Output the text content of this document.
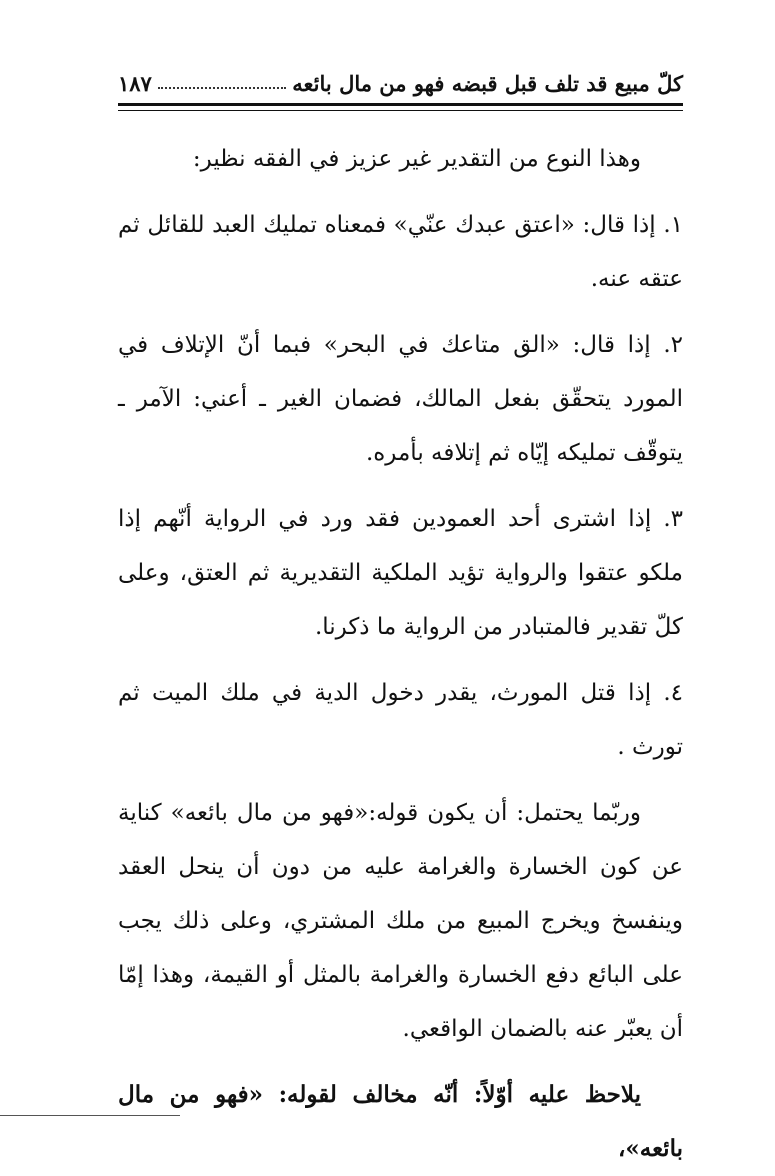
كلّ مبيع قد تلف قبل قبضه فهو من مال بائعه
١٨٧

وهذا النوع من التقدير غير عزيز في الفقه نظير:

١. إذا قال: «اعتق عبدك عنّي» فمعناه تمليك العبد للقائل ثم عتقه عنه.

٢. إذا قال: «الق متاعك في البحر» فبما أنّ الإتلاف في المورد يتحقّق بفعل المالك، فضمان الغير ـ أعني: الآمر ـ يتوقّف تمليكه إيّاه ثم إتلافه بأمره.

٣. إذا اشترى أحد العمودين فقد ورد في الرواية أنّهم إذا ملكو عتقوا والرواية تؤيد الملكية التقديرية ثم العتق، وعلى كلّ تقدير فالمتبادر من الرواية ما ذكرنا.

٤. إذا قتل المورث، يقدر دخول الدية في ملك الميت ثم تورث .

وربّما يحتمل: أن يكون قوله:«فهو من مال بائعه» كناية عن كون الخسارة والغرامة عليه من دون أن ينحل العقد وينفسخ ويخرج المبيع من ملك المشتري، وعلى ذلك يجب على البائع دفع الخسارة والغرامة بالمثل أو القيمة، وهذا إمّا أن يعبّر عنه بالضمان الواقعي.

يلاحظ عليه أوّلاً: أنّه مخالف لقوله: «فهو من مال بائعه»،
